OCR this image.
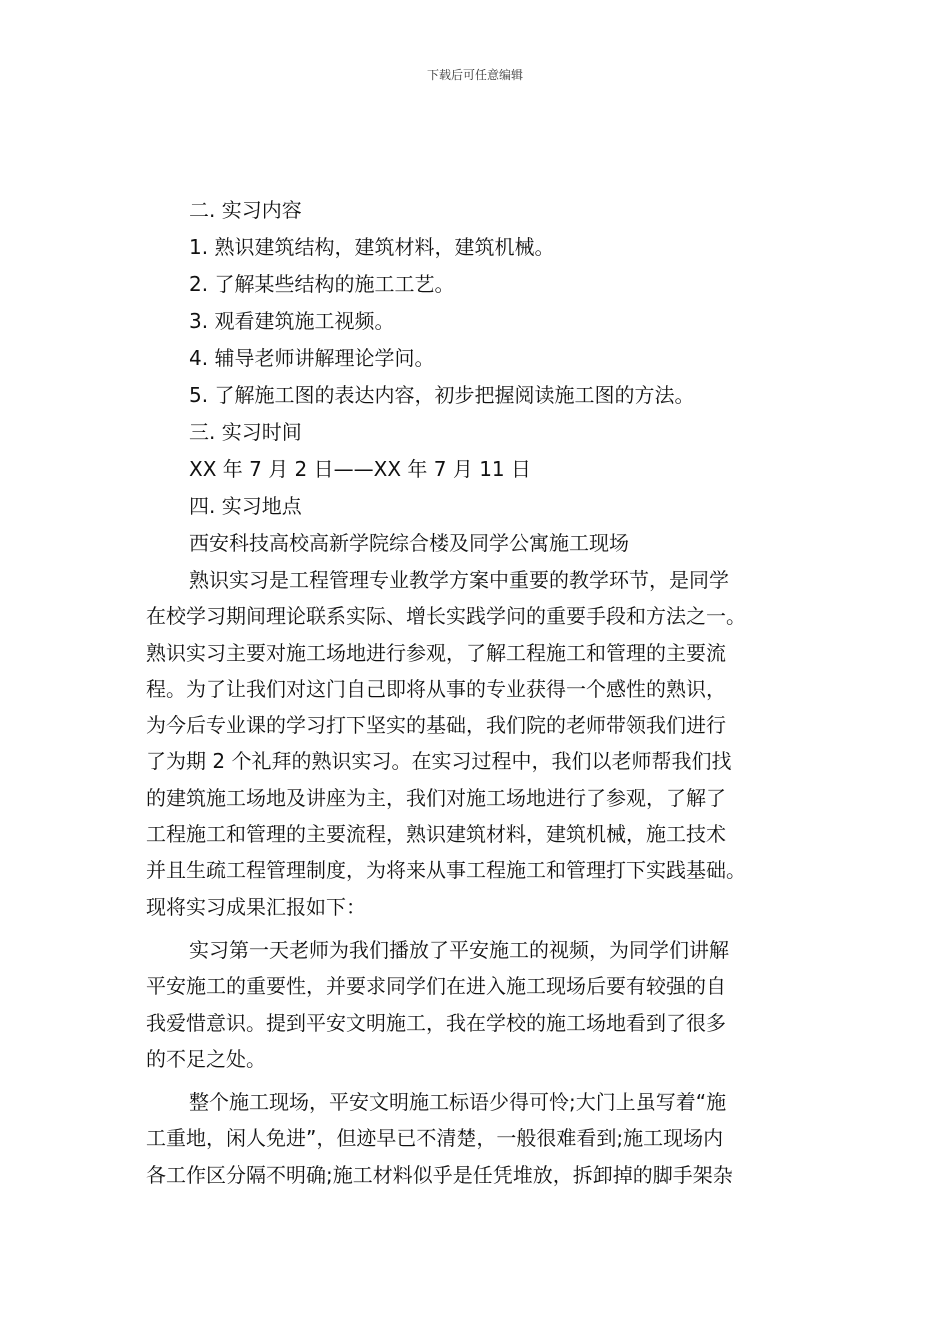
下载后可任意编辑
二. 实习内容
1. 熟识建筑结构，建筑材料，建筑机械。
2. 了解某些结构的施工工艺。
3. 观看建筑施工视频。
4. 辅导老师讲解理论学问。
5. 了解施工图的表达内容，初步把握阅读施工图的方法。
三. 实习时间
XX 年 7 月 2 日——XX 年 7 月 11 日
四. 实习地点
西安科技高校高新学院综合楼及同学公寓施工现场
熟识实习是工程管理专业教学方案中重要的教学环节，是同学
在校学习期间理论联系实际、增长实践学问的重要手段和方法之一。
熟识实习主要对施工场地进行参观，了解工程施工和管理的主要流
程。为了让我们对这门自己即将从事的专业获得一个感性的熟识，
为今后专业课的学习打下坚实的基础，我们院的老师带领我们进行
了为期 2 个礼拜的熟识实习。在实习过程中，我们以老师帮我们找
的建筑施工场地及讲座为主，我们对施工场地进行了参观，了解了
工程施工和管理的主要流程，熟识建筑材料，建筑机械，施工技术
并且生疏工程管理制度，为将来从事工程施工和管理打下实践基础。
现将实习成果汇报如下：
实习第一天老师为我们播放了平安施工的视频，为同学们讲解
平安施工的重要性，并要求同学们在进入施工现场后要有较强的自
我爱惜意识。提到平安文明施工，我在学校的施工场地看到了很多
的不足之处。
整个施工现场，平安文明施工标语少得可怜;大门上虽写着“施
工重地，闲人免进”，但迹早已不清楚，一般很难看到;施工现场内
各工作区分隔不明确;施工材料似乎是任凭堆放，拆卸掉的脚手架杂
